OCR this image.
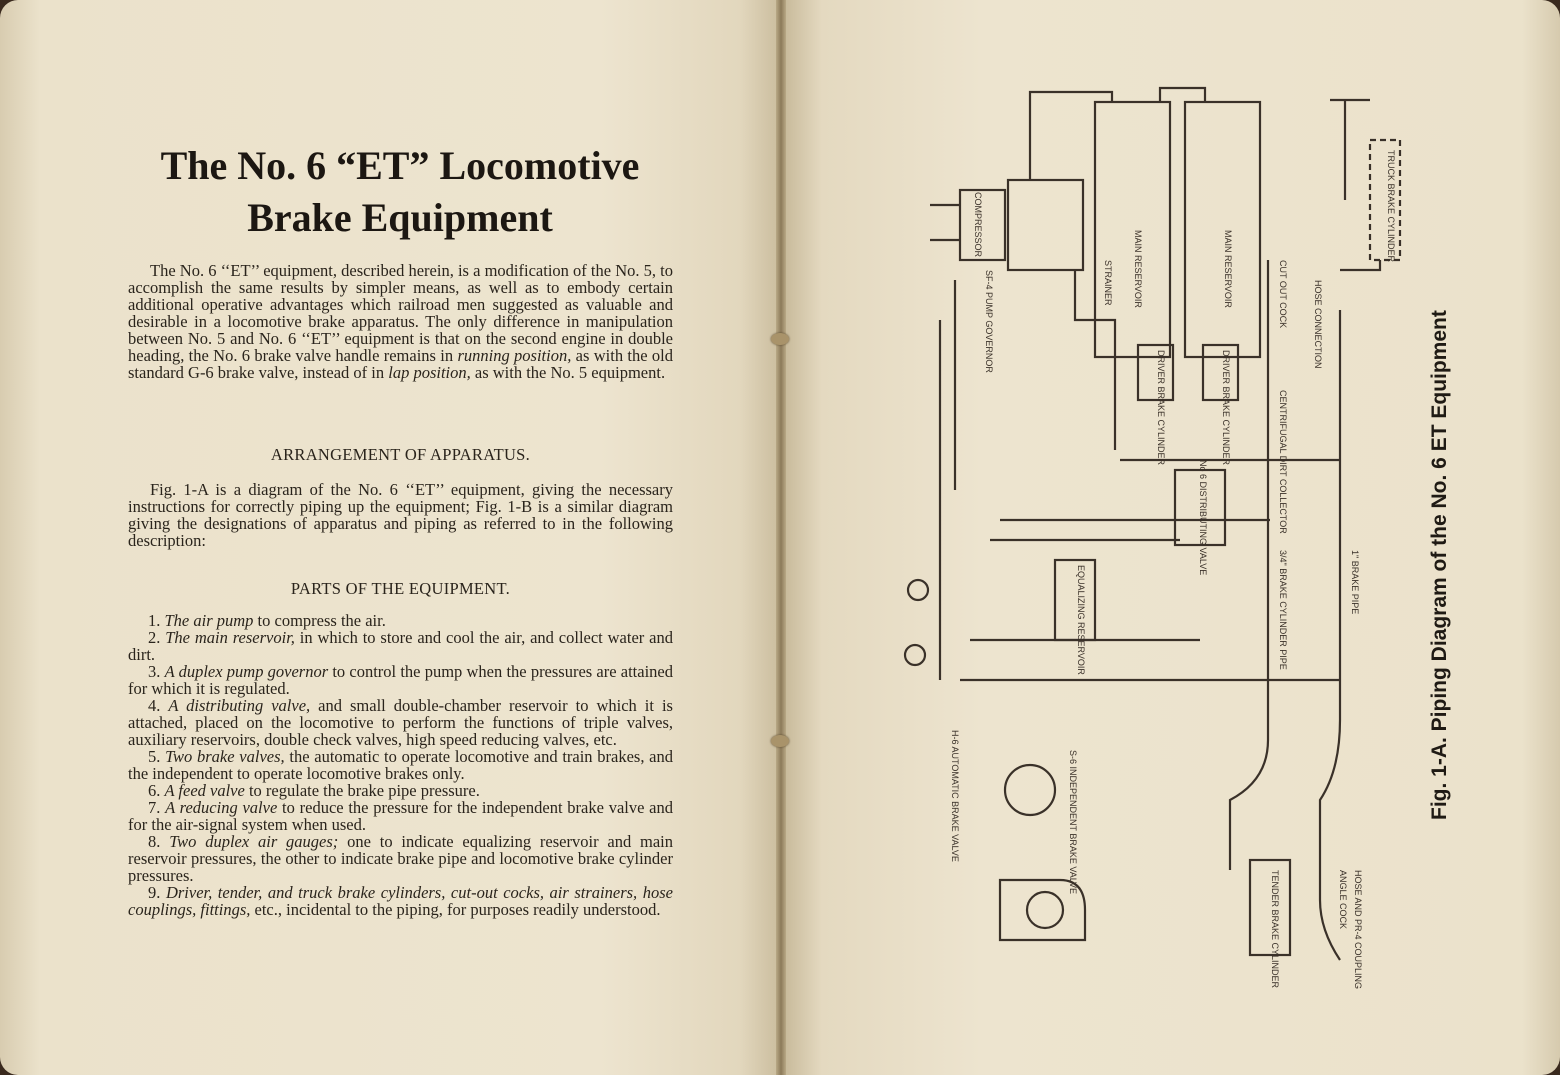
The No. 6 “ET” Locomotive
Brake Equipment
The No. 6 ‘‘ET’’ equipment, described herein, is a modification of the No. 5, to accomplish the same results by simpler means, as well as to embody certain additional operative advantages which railroad men suggested as valuable and desirable in a locomotive brake apparatus. The only difference in manipulation between No. 5 and No. 6 ‘‘ET’’ equipment is that on the second engine in double heading, the No. 6 brake valve handle remains in running position, as with the old standard G-6 brake valve, instead of in lap position, as with the No. 5 equipment.
ARRANGEMENT OF APPARATUS.
Fig. 1-A is a diagram of the No. 6 ‘‘ET’’ equipment, giving the necessary instructions for correctly piping up the equipment; Fig. 1-B is a similar diagram giving the designations of apparatus and piping as referred to in the following description:
PARTS OF THE EQUIPMENT.
1. The air pump to compress the air.
2. The main reservoir, in which to store and cool the air, and collect water and dirt.
3. A duplex pump governor to control the pump when the pressures are attained for which it is regulated.
4. A distributing valve, and small double-chamber reservoir to which it is attached, placed on the locomotive to perform the functions of triple valves, auxiliary reservoirs, double check valves, high speed reducing valves, etc.
5. Two brake valves, the automatic to operate locomotive and train brakes, and the independent to operate locomotive brakes only.
6. A feed valve to regulate the brake pipe pressure.
7. A reducing valve to reduce the pressure for the independent brake valve and for the air-signal system when used.
8. Two duplex air gauges; one to indicate equalizing reservoir and main reservoir pressures, the other to indicate brake pipe and locomotive brake cylinder pressures.
9. Driver, tender, and truck brake cylinders, cut-out cocks, air strainers, hose couplings, fittings, etc., incidental to the piping, for purposes readily understood.
MAIN RESERVOIR	MAIN RESERVOIR
COMPRESSOR
STRAINER
No 6 DISTRIBUTING VALVE
EQUALIZING RESERVOIR
DRIVER BRAKE CYLINDER	DRIVER BRAKE CYLINDER
TENDER BRAKE CYLINDER
TRUCK BRAKE CYLINDER
1" BRAKE PIPE
3/4" BRAKE CYLINDER PIPE
CUT OUT COCK
CENTRIFUGAL DIRT COLLECTOR
H-6 AUTOMATIC BRAKE VALVE	S-6 INDEPENDENT BRAKE VALVE
SF-4 PUMP GOVERNOR	HOSE CONNECTION
ANGLE COCK HOSE AND PR-4 COUPLING
Fig. 1-A. Piping Diagram of the No. 6 ET Equipment
